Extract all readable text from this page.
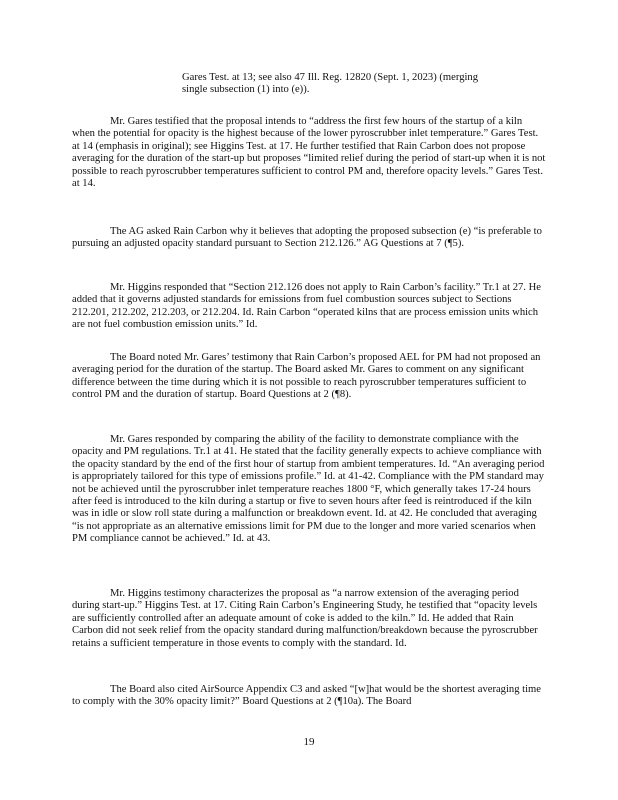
Gares Test. at 13; see also 47 Ill. Reg. 12820 (Sept. 1, 2023) (merging single subsection (1) into (e)).

Mr. Gares testified that the proposal intends to “address the first few hours of the startup of a kiln when the potential for opacity is the highest because of the lower pyroscrubber inlet temperature.” Gares Test. at 14 (emphasis in original); see Higgins Test. at 17. He further testified that Rain Carbon does not propose averaging for the duration of the start-up but proposes “limited relief during the period of start-up when it is not possible to reach pyroscrubber temperatures sufficient to control PM and, therefore opacity levels.” Gares Test. at 14.

The AG asked Rain Carbon why it believes that adopting the proposed subsection (e) “is preferable to pursuing an adjusted opacity standard pursuant to Section 212.126.” AG Questions at 7 (¶5).

Mr. Higgins responded that “Section 212.126 does not apply to Rain Carbon’s facility.” Tr.1 at 27. He added that it governs adjusted standards for emissions from fuel combustion sources subject to Sections 212.201, 212.202, 212.203, or 212.204. Id. Rain Carbon “operated kilns that are process emission units which are not fuel combustion emission units.” Id.

The Board noted Mr. Gares’ testimony that Rain Carbon’s proposed AEL for PM had not proposed an averaging period for the duration of the startup. The Board asked Mr. Gares to comment on any significant difference between the time during which it is not possible to reach pyroscrubber temperatures sufficient to control PM and the duration of startup. Board Questions at 2 (¶8).

Mr. Gares responded by comparing the ability of the facility to demonstrate compliance with the opacity and PM regulations. Tr.1 at 41. He stated that the facility generally expects to achieve compliance with the opacity standard by the end of the first hour of startup from ambient temperatures. Id. “An averaging period is appropriately tailored for this type of emissions profile.” Id. at 41-42. Compliance with the PM standard may not be achieved until the pyroscrubber inlet temperature reaches 1800 °F, which generally takes 17-24 hours after feed is introduced to the kiln during a startup or five to seven hours after feed is reintroduced if the kiln was in idle or slow roll state during a malfunction or breakdown event. Id. at 42. He concluded that averaging “is not appropriate as an alternative emissions limit for PM due to the longer and more varied scenarios when PM compliance cannot be achieved.” Id. at 43.

Mr. Higgins testimony characterizes the proposal as “a narrow extension of the averaging period during start-up.” Higgins Test. at 17. Citing Rain Carbon’s Engineering Study, he testified that “opacity levels are sufficiently controlled after an adequate amount of coke is added to the kiln.” Id. He added that Rain Carbon did not seek relief from the opacity standard during malfunction/breakdown because the pyroscrubber retains a sufficient temperature in those events to comply with the standard. Id.

The Board also cited AirSource Appendix C3 and asked “[w]hat would be the shortest averaging time to comply with the 30% opacity limit?” Board Questions at 2 (¶10a). The Board

19
